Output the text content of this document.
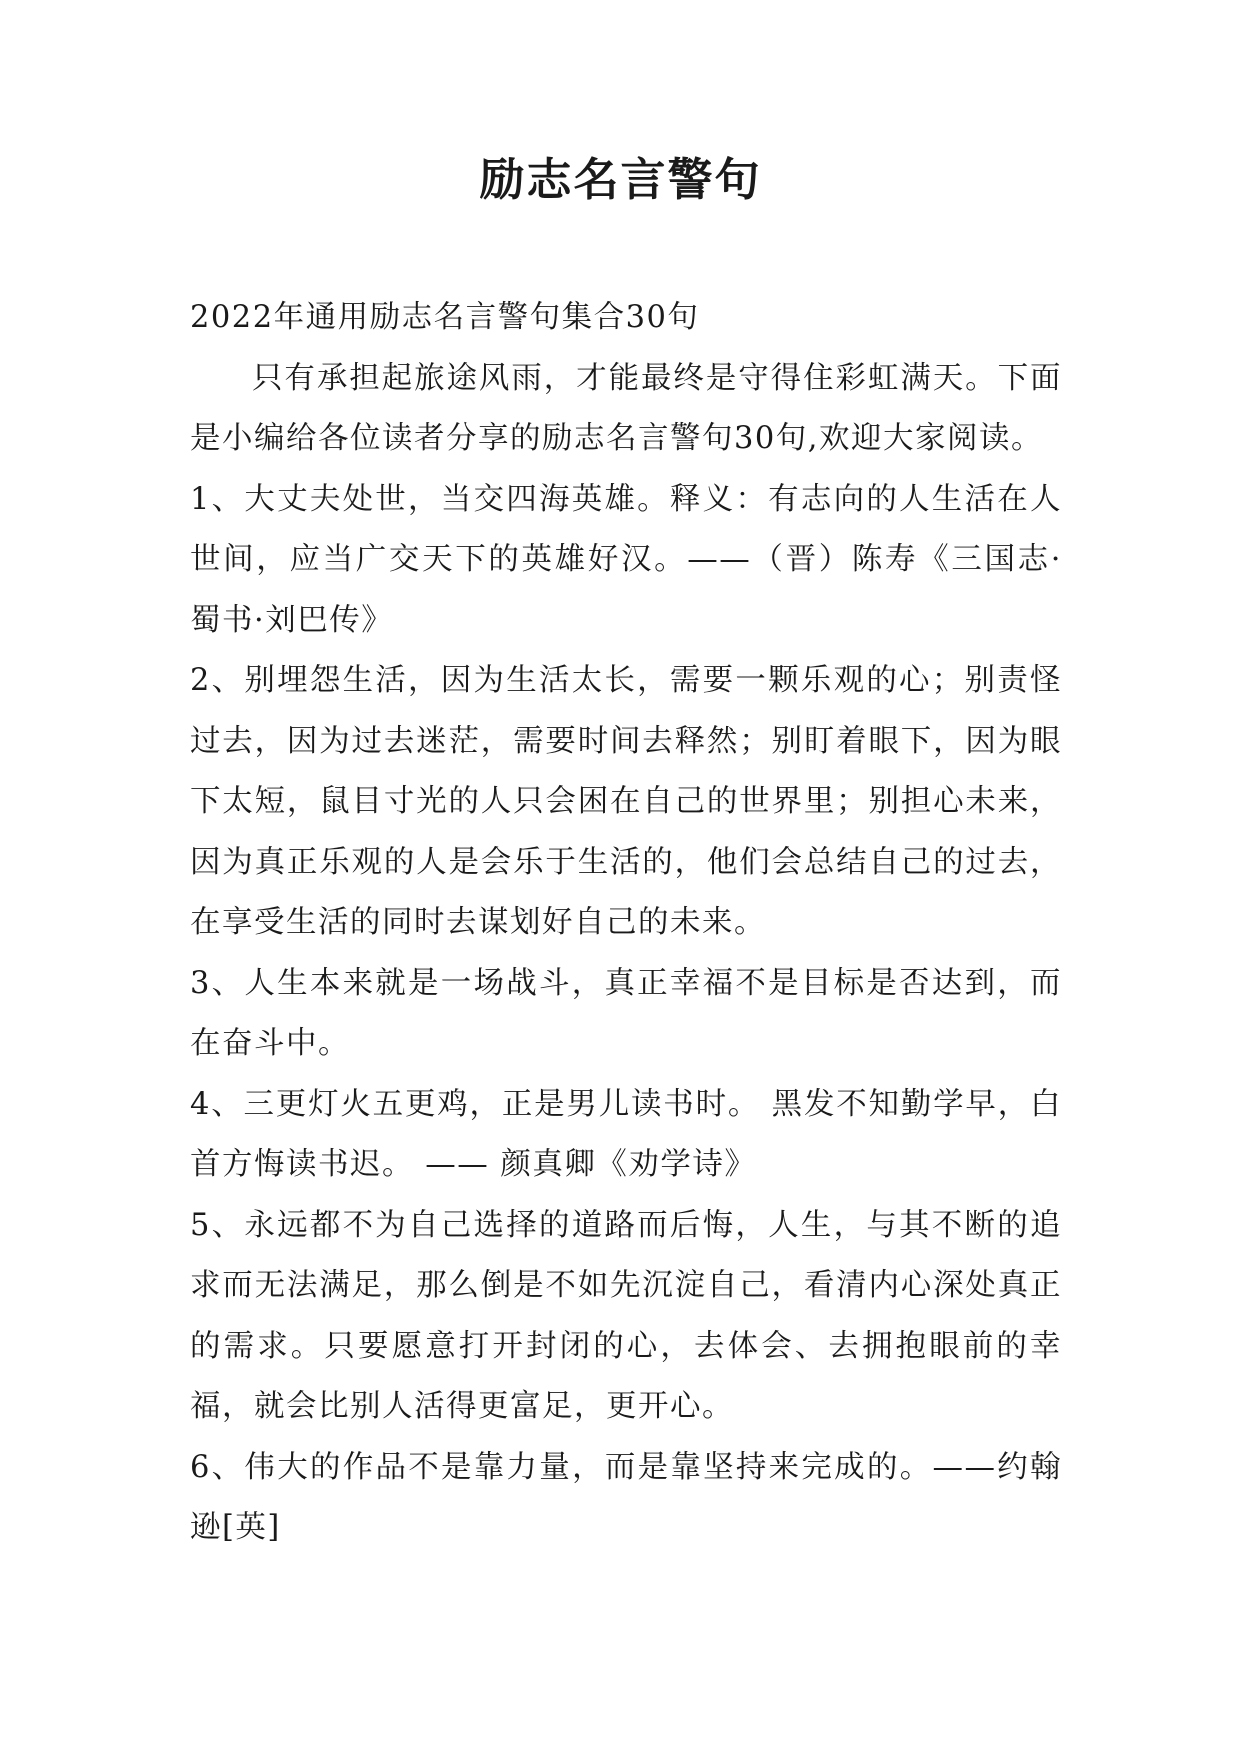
励志名言警句

2022年通用励志名言警句集合30句

只有承担起旅途风雨，才能最终是守得住彩虹满天。下面是小编给各位读者分享的励志名言警句30句,欢迎大家阅读。

1、大丈夫处世，当交四海英雄。释义：有志向的人生活在人世间，应当广交天下的英雄好汉。——（晋）陈寿《三国志·蜀书·刘巴传》

2、别埋怨生活，因为生活太长，需要一颗乐观的心；别责怪过去，因为过去迷茫，需要时间去释然；别盯着眼下，因为眼下太短，鼠目寸光的人只会困在自己的世界里；别担心未来，因为真正乐观的人是会乐于生活的，他们会总结自己的过去，在享受生活的同时去谋划好自己的未来。

3、人生本来就是一场战斗，真正幸福不是目标是否达到，而在奋斗中。

4、三更灯火五更鸡，正是男儿读书时。 黑发不知勤学早，白首方悔读书迟。 —— 颜真卿《劝学诗》

5、永远都不为自己选择的道路而后悔，人生，与其不断的追求而无法满足，那么倒是不如先沉淀自己，看清内心深处真正的需求。只要愿意打开封闭的心，去体会、去拥抱眼前的幸福，就会比别人活得更富足，更开心。

6、伟大的作品不是靠力量，而是靠坚持来完成的。——约翰逊[英]
